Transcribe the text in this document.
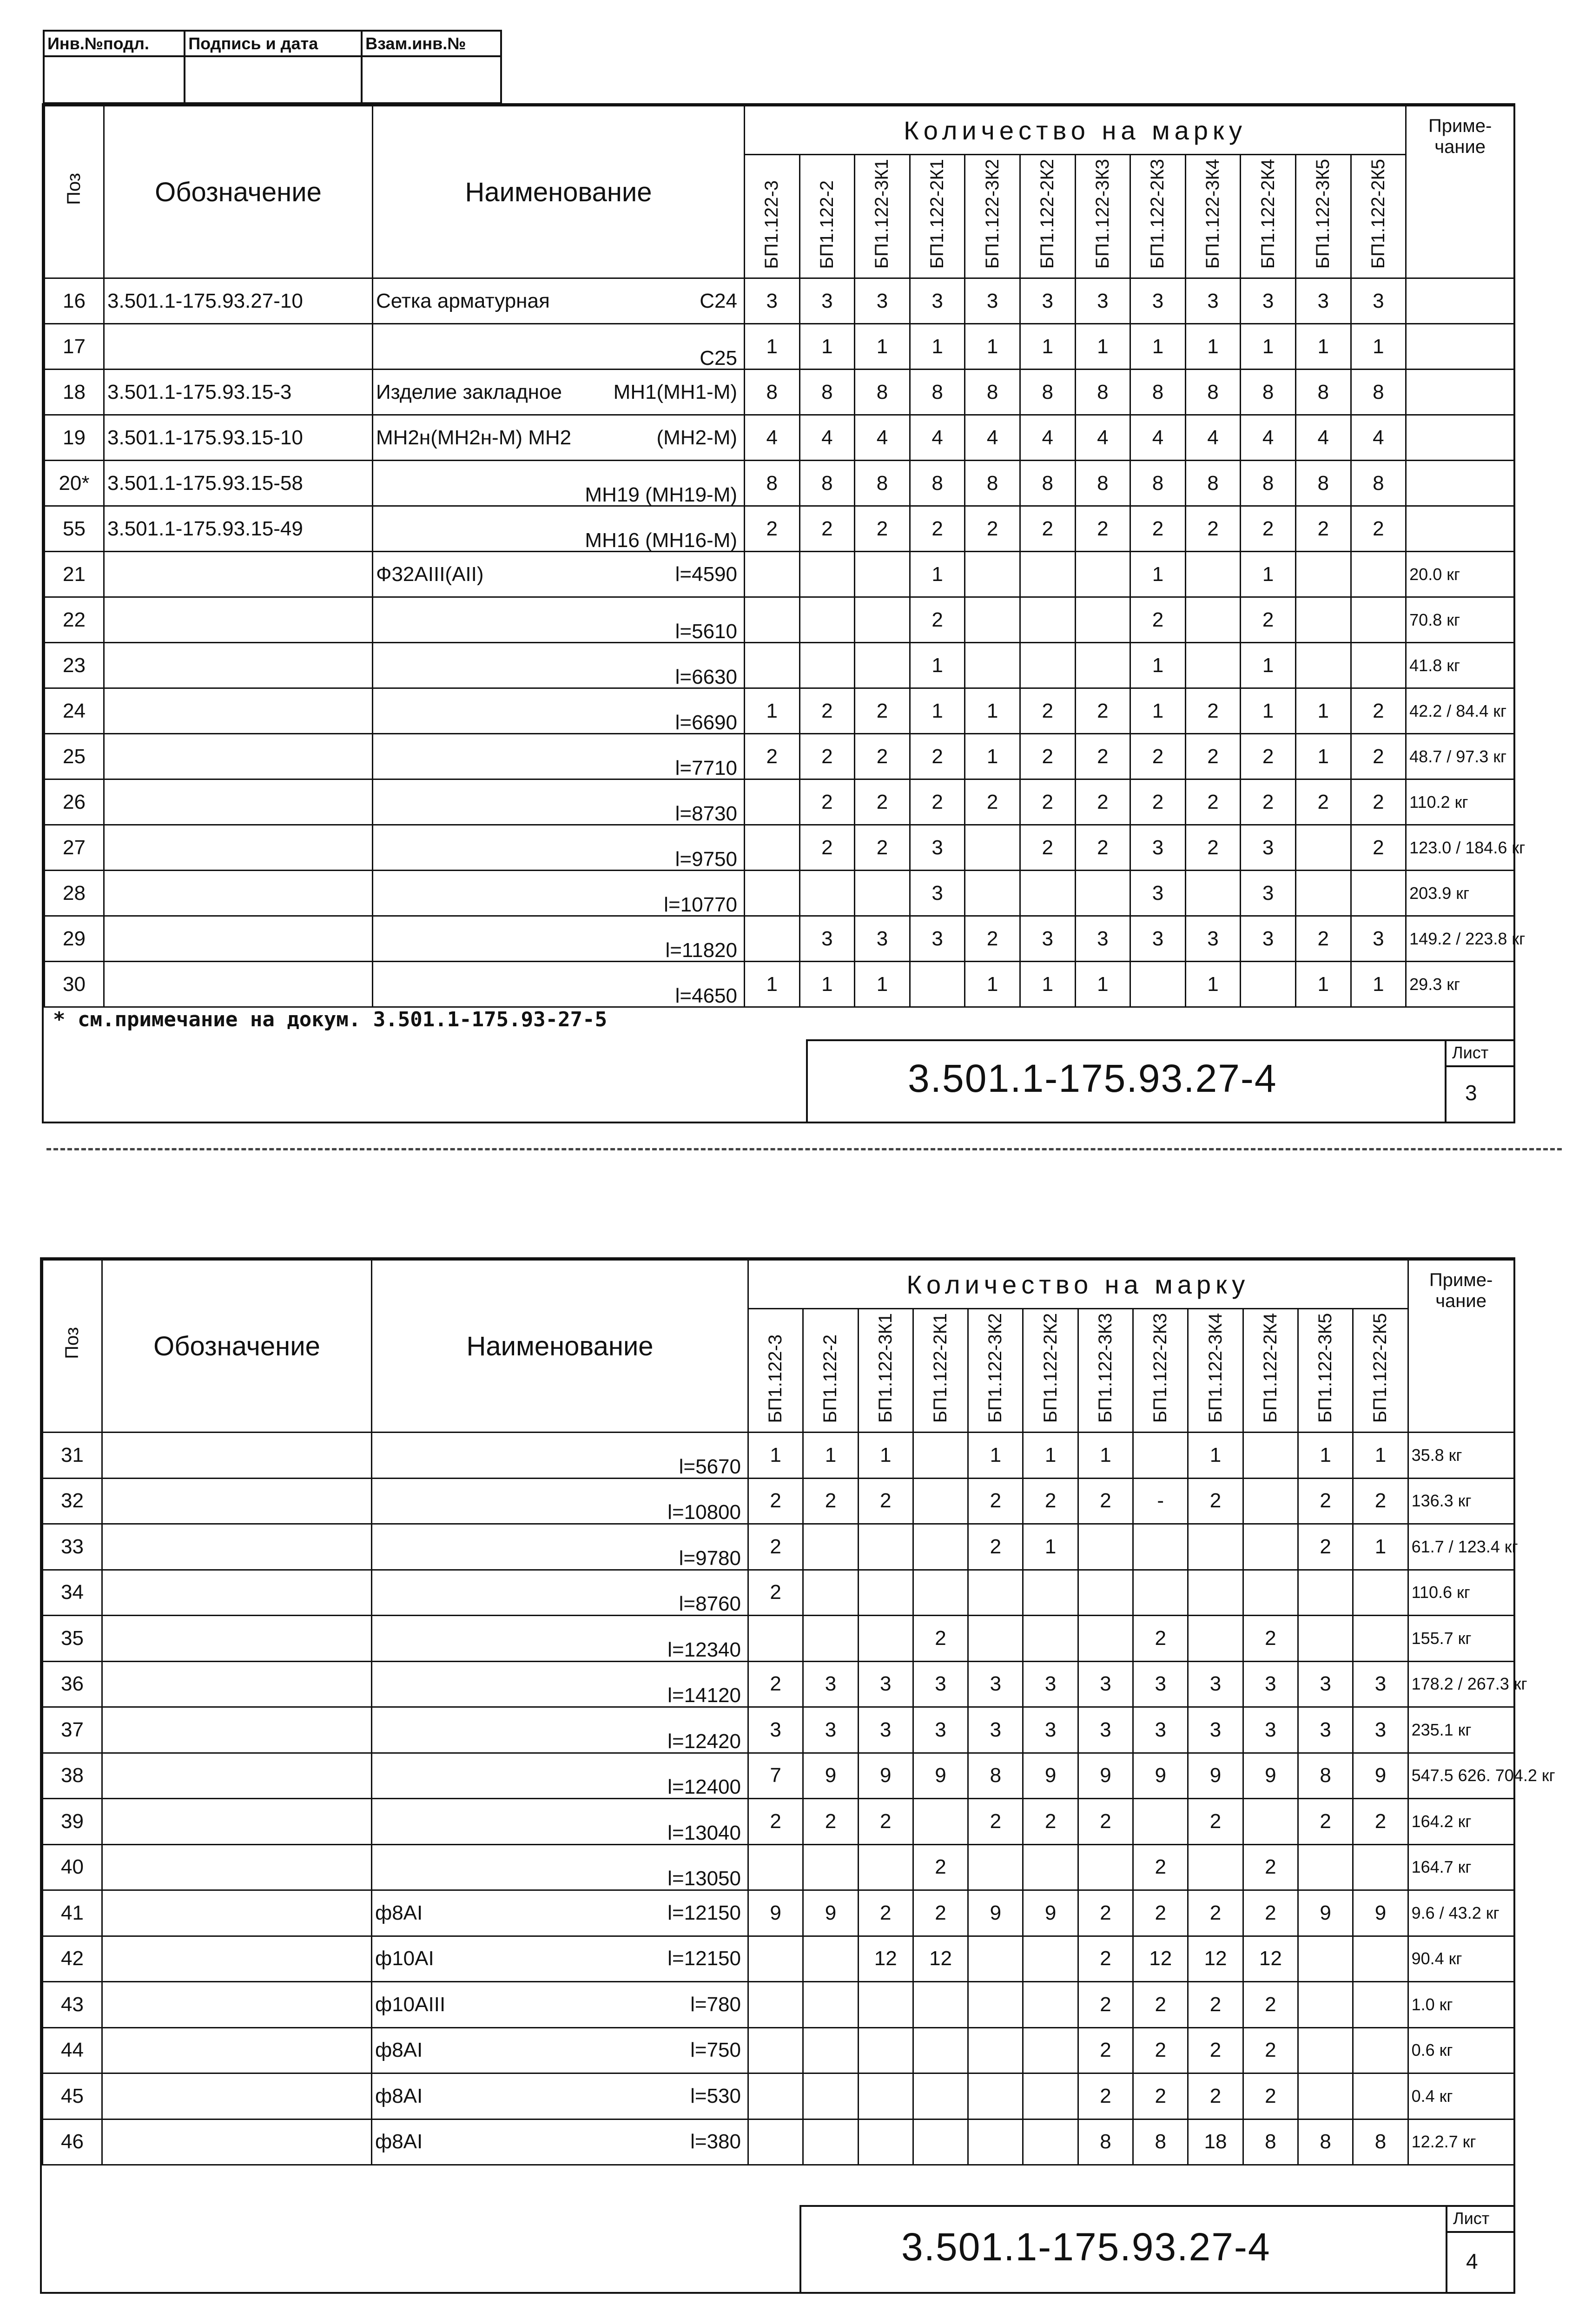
Инв.№подл.	Подпись и дата	Взам.инв.№

Поз	Обозначение	Наименование	Количество на марку												Приме-чание
			БП1.122-3	БП1.122-2	БП1.122-3К1	БП1.122-2К1	БП1.122-3К2	БП1.122-2К2	БП1.122-3К3	БП1.122-2К3	БП1.122-3К4	БП1.122-2К4	БП1.122-3К5	БП1.122-2К5	
16	3.501.1-175.93.27-10	Сетка арматурная С24	3	3	3	3	3	3	3	3	3	3	3	3	
17		С25	1	1	1	1	1	1	1	1	1	1	1	1	
18	3.501.1-175.93.15-3	Изделие закладное МН1(МН1-М)	8	8	8	8	8	8	8	8	8	8	8	8	
19	3.501.1-175.93.15-10	МН2н(МН2н-М) МН2 (МН2-М)	4	4	4	4	4	4	4	4	4	4	4	4	
20*	3.501.1-175.93.15-58	МН19 (МН19-М)	8	8	8	8	8	8	8	8	8	8	8	8	
55	3.501.1-175.93.15-49	МН16 (МН16-М)	2	2	2	2	2	2	2	2	2	2	2	2	
21		Ф32АIII(АII) l=4590				1				1		1			20.0 кг
22		l=5610				2				2		2			70.8 кг
23		l=6630				1				1		1			41.8 кг
24		l=6690	1	2	2	1	1	2	2	1	2	1	1	2	42.2 / 84.4 кг
25		l=7710	2	2	2	2	1	2	2	2	2	2	1	2	48.7 / 97.3 кг
26		l=8730		2	2	2	2	2	2	2	2	2	2	2	110.2 кг
27		l=9750		2	2	3		2	2	3	2	3		2	123.0 / 184.6 кг
28		l=10770				3				3		3			203.9 кг
29		l=11820		3	3	3	2	3	3	3	3	3	2	3	149.2 / 223.8 кг
30		l=4650	1	1	1		1	1	1		1		1	1	29.3 кг
* см.примечание на докум. 3.501.1-175.93-27-5
3.501.1-175.93.27-4
Лист
3
Поз	Обозначение	Наименование	Количество на марку												Приме-чание
			БП1.122-3	БП1.122-2	БП1.122-3К1	БП1.122-2К1	БП1.122-3К2	БП1.122-2К2	БП1.122-3К3	БП1.122-2К3	БП1.122-3К4	БП1.122-2К4	БП1.122-3К5	БП1.122-2К5	
31		l=5670	1	1	1		1	1	1		1		1	1	35.8 кг
32		l=10800	2	2	2		2	2	2	-	2		2	2	136.3 кг
33		l=9780	2				2	1					2	1	61.7 / 123.4 кг
34		l=8760	2												110.6 кг
35		l=12340				2				2		2			155.7 кг
36		l=14120	2	3	3	3	3	3	3	3	3	3	3	3	178.2 / 267.3 кг
37		l=12420	3	3	3	3	3	3	3	3	3	3	3	3	235.1 кг
38		l=12400	7	9	9	9	8	9	9	9	9	9	8	9	547.5 626. 704.2 кг
39		l=13040	2	2	2		2	2	2		2		2	2	164.2 кг
40		l=13050				2				2		2			164.7 кг
41		ф8АI l=12150	9	9	2	2	9	9	2	2	2	2	9	9	9.6 / 43.2 кг
42		ф10АI l=12150			12	12			2	12	12	12			90.4 кг
43		ф10АIII l=780							2	2	2	2			1.0 кг
44		ф8АI l=750							2	2	2	2			0.6 кг
45		ф8АI l=530							2	2	2	2			0.4 кг
46		ф8АI l=380							8	8	18	8	8	8	12.2.7 кг
3.501.1-175.93.27-4
Лист
4
